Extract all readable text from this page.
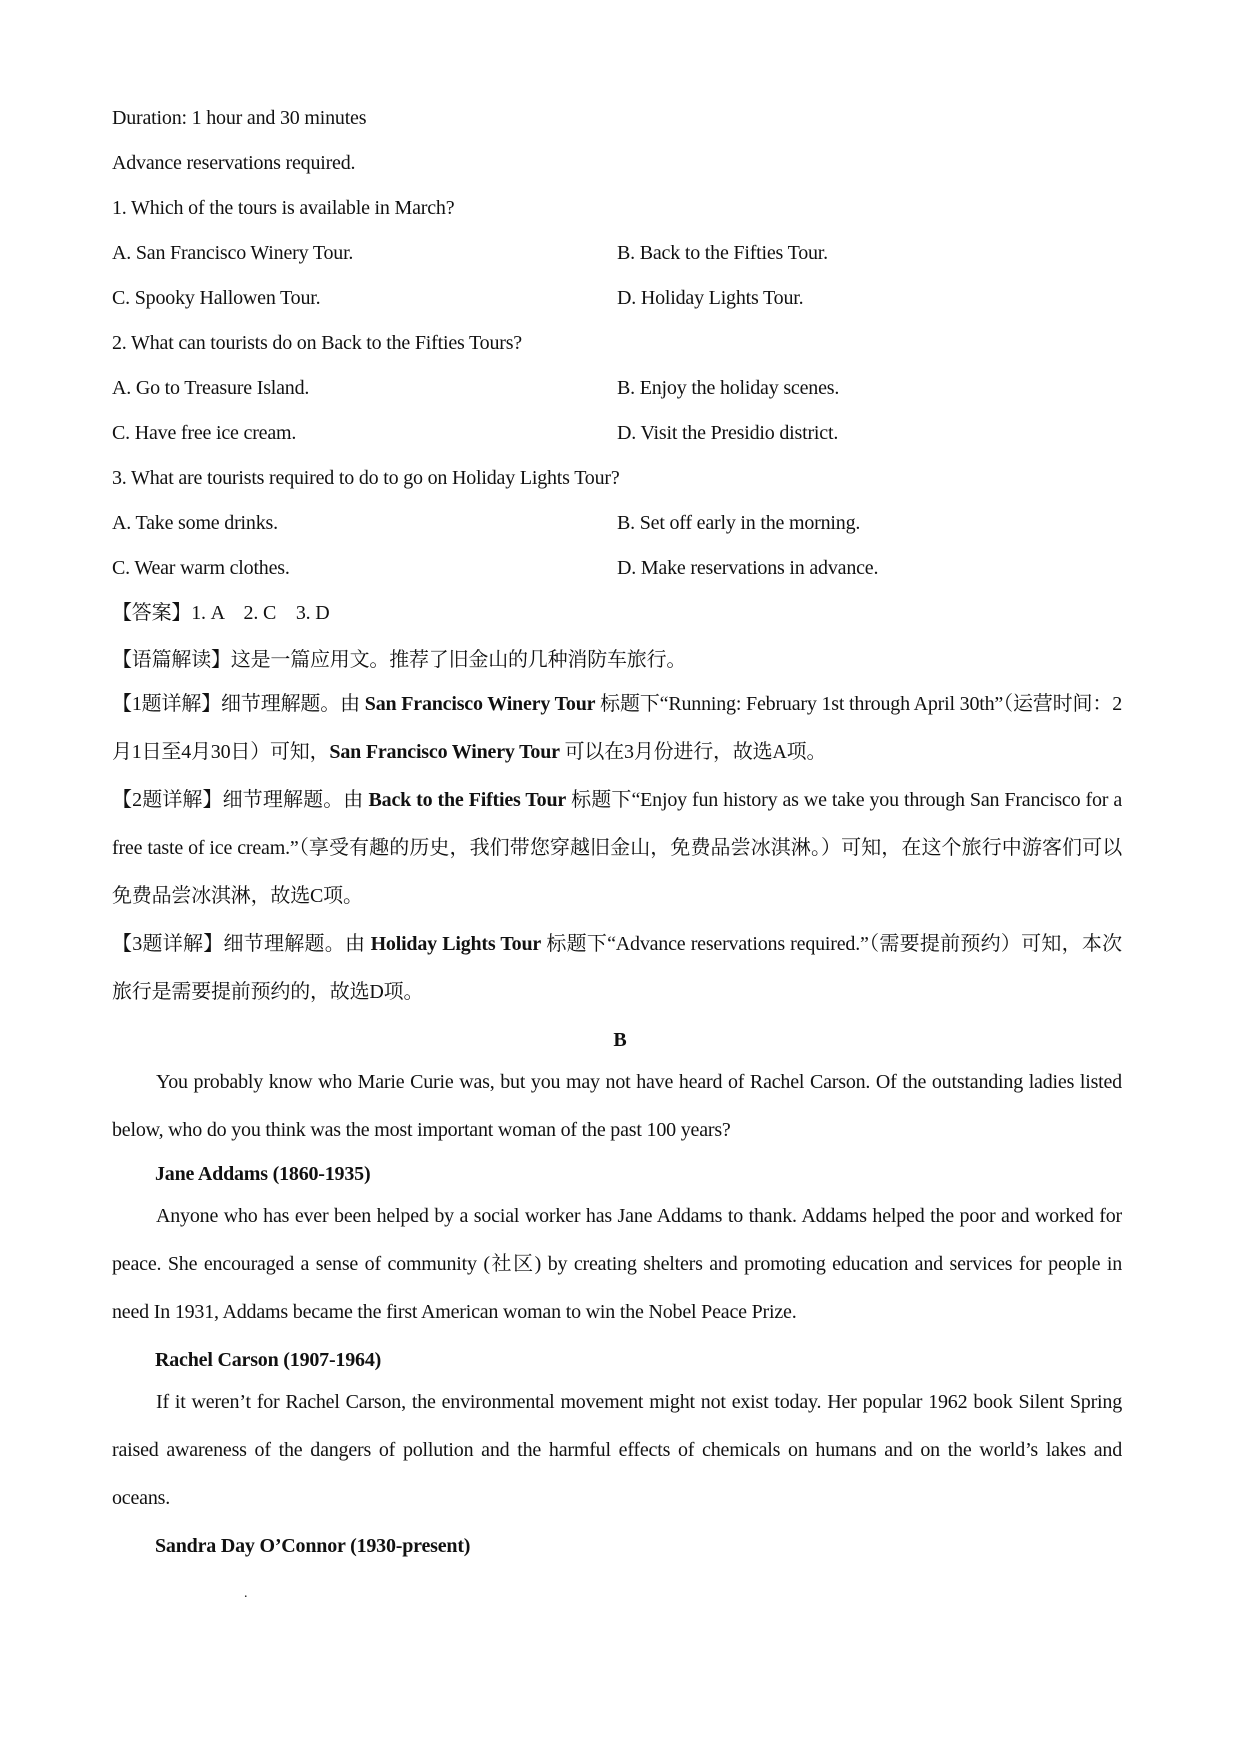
Duration: 1 hour and 30 minutes
Advance reservations required.
1. Which of the tours is available in March?
A. San Francisco Winery Tour.	B. Back to the Fifties Tour.
C. Spooky Hallowen Tour.	D. Holiday Lights Tour.
2. What can tourists do on Back to the Fifties Tours?
A. Go to Treasure Island.	B. Enjoy the holiday scenes.
C. Have free ice cream.	D. Visit the Presidio district.
3. What are tourists required to do to go on Holiday Lights Tour?
A. Take some drinks.	B. Set off early in the morning.
C. Wear warm clothes.	D. Make reservations in advance.
【答案】1. A　2. C　3. D
【语篇解读】这是一篇应用文。推荐了旧金山的几种消防车旅行。
【1题详解】细节理解题。由 San Francisco Winery Tour 标题下“Running: February 1st through April 30th”（运营时间：2月1日至4月30日）可知，San Francisco Winery Tour 可以在3月份进行，故选A项。
【2题详解】细节理解题。由 Back to the Fifties Tour 标题下“Enjoy fun history as we take you through San Francisco for a free taste of ice cream.”（享受有趣的历史，我们带您穿越旧金山，免费品尝冰淇淋。）可知，在这个旅行中游客们可以免费品尝冰淇淋，故选C项。
【3题详解】细节理解题。由 Holiday Lights Tour 标题下“Advance reservations required.”（需要提前预约）可知，本次旅行是需要提前预约的，故选D项。
B
You probably know who Marie Curie was, but you may not have heard of Rachel Carson. Of the outstanding ladies listed below, who do you think was the most important woman of the past 100 years?
Jane Addams (1860-1935)
Anyone who has ever been helped by a social worker has Jane Addams to thank. Addams helped the poor and worked for peace. She encouraged a sense of community (社区) by creating shelters and promoting education and services for people in need In 1931, Addams became the first American woman to win the Nobel Peace Prize.
Rachel Carson (1907-1964)
If it weren’t for Rachel Carson, the environmental movement might not exist today. Her popular 1962 book Silent Spring raised awareness of the dangers of pollution and the harmful effects of chemicals on humans and on the world’s lakes and oceans.
Sandra Day O’Connor (1930-present)
.
